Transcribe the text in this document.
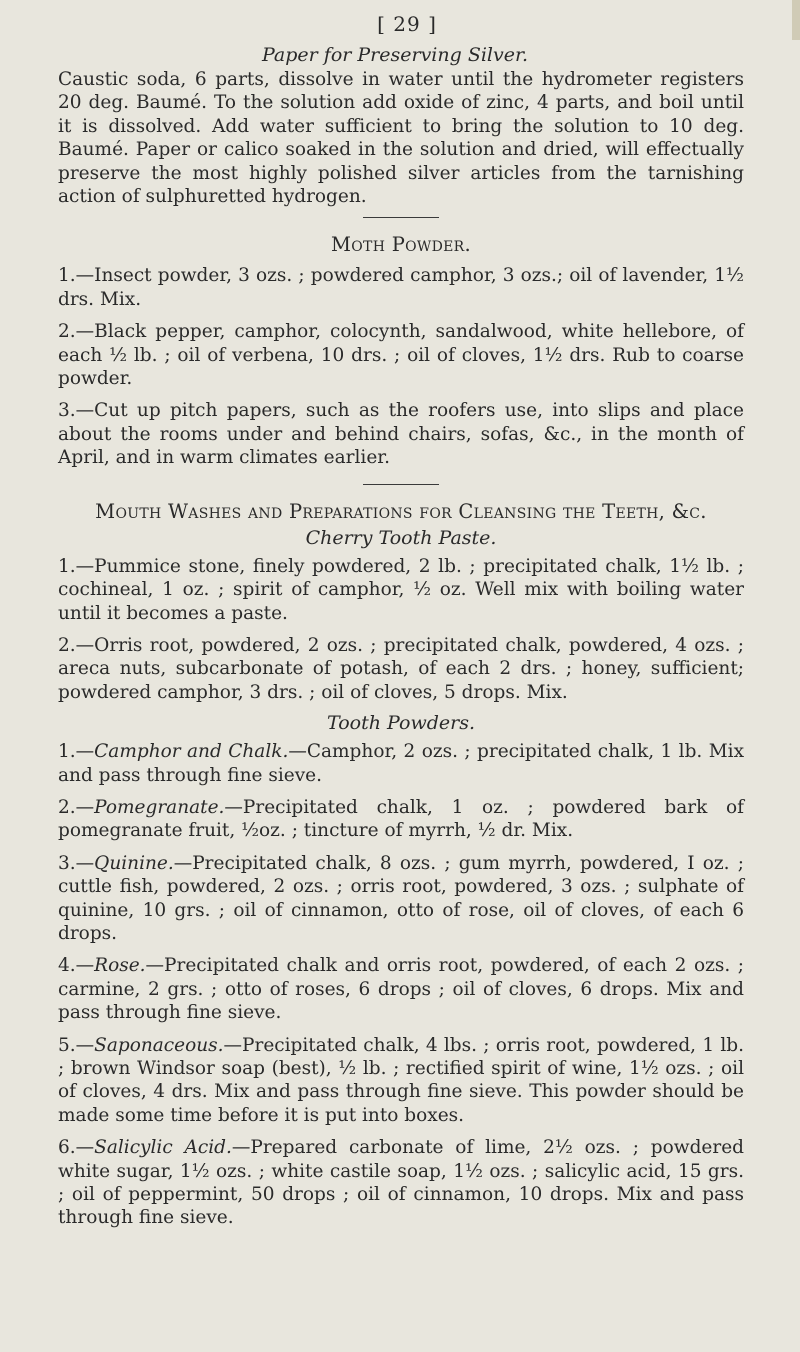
[ 29 ]
Paper for Preserving Silver.

Caustic soda, 6 parts, dissolve in water until the hydrometer registers 20 deg. Baumé. To the solution add oxide of zinc, 4 parts, and boil until it is dissolved. Add water sufficient to bring the solution to 10 deg. Baumé. Paper or calico soaked in the solution and dried, will effectually preserve the most highly polished silver articles from the tarnishing action of sulphuretted hydrogen.

Moth Powder.

1.—Insect powder, 3 ozs. ; powdered camphor, 3 ozs.; oil of lavender, 1½ drs. Mix.

2.—Black pepper, camphor, colocynth, sandalwood, white hellebore, of each ½ lb. ; oil of verbena, 10 drs. ; oil of cloves, 1½ drs. Rub to coarse powder.

3.—Cut up pitch papers, such as the roofers use, into slips and place about the rooms under and behind chairs, sofas, &c., in the month of April, and in warm climates earlier.

Mouth Washes and Preparations for Cleansing the Teeth, &c.
Cherry Tooth Paste.

1.—Pummice stone, finely powdered, 2 lb. ; precipitated chalk, 1½ lb. ; cochineal, 1 oz. ; spirit of camphor, ½ oz. Well mix with boiling water until it becomes a paste.

2.—Orris root, powdered, 2 ozs. ; precipitated chalk, powdered, 4 ozs. ; areca nuts, subcarbonate of potash, of each 2 drs. ; honey, sufficient; powdered camphor, 3 drs. ; oil of cloves, 5 drops. Mix.

Tooth Powders.

1.—Camphor and Chalk.—Camphor, 2 ozs. ; precipitated chalk, 1 lb. Mix and pass through fine sieve.

2.—Pomegranate.—Precipitated chalk, 1 oz. ; powdered bark of pomegranate fruit, ½oz. ; tincture of myrrh, ½ dr. Mix.

3.—Quinine.—Precipitated chalk, 8 ozs. ; gum myrrh, powdered, I oz. ; cuttle fish, powdered, 2 ozs. ; orris root, powdered, 3 ozs. ; sulphate of quinine, 10 grs. ; oil of cinnamon, otto of rose, oil of cloves, of each 6 drops.

4.—Rose.—Precipitated chalk and orris root, powdered, of each 2 ozs. ; carmine, 2 grs. ; otto of roses, 6 drops ; oil of cloves, 6 drops. Mix and pass through fine sieve.

5.—Saponaceous.—Precipitated chalk, 4 lbs. ; orris root, powdered, 1 lb. ; brown Windsor soap (best), ½ lb. ; rectified spirit of wine, 1½ ozs. ; oil of cloves, 4 drs. Mix and pass through fine sieve. This powder should be made some time before it is put into boxes.

6.—Salicylic Acid.—Prepared carbonate of lime, 2½ ozs. ; powdered white sugar, 1½ ozs. ; white castile soap, 1½ ozs. ; salicylic acid, 15 grs. ; oil of peppermint, 50 drops ; oil of cinnamon, 10 drops. Mix and pass through fine sieve.
